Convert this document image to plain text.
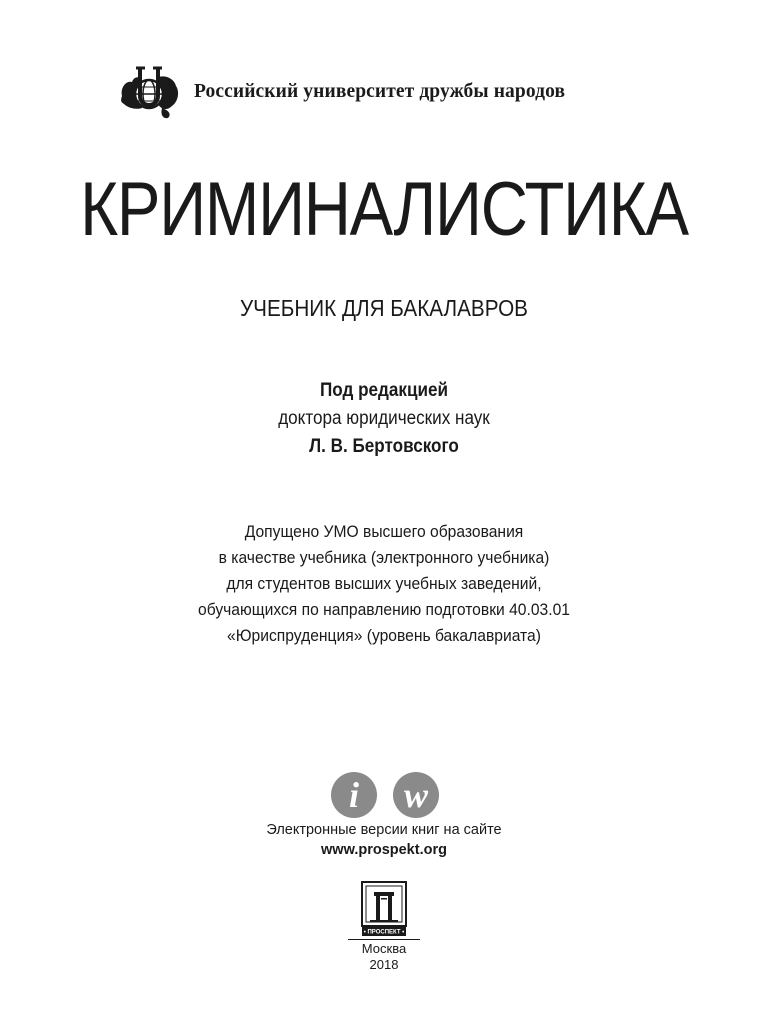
Российский университет дружбы народов
КРИМИНАЛИСТИКА
УЧЕБНИК ДЛЯ БАКАЛАВРОВ
Под редакцией
доктора юридических наук
Л. В. Бертовского
Допущено УМО высшего образования
в качестве учебника (электронного учебника)
для студентов высших учебных заведений,
обучающихся по направлению подготовки 40.03.01
«Юриспруденция» (уровень бакалавриата)
i	w
Электронные версии книг на сайте
www.prospekt.org
• ПРОСПЕКТ •
Москва
2018
